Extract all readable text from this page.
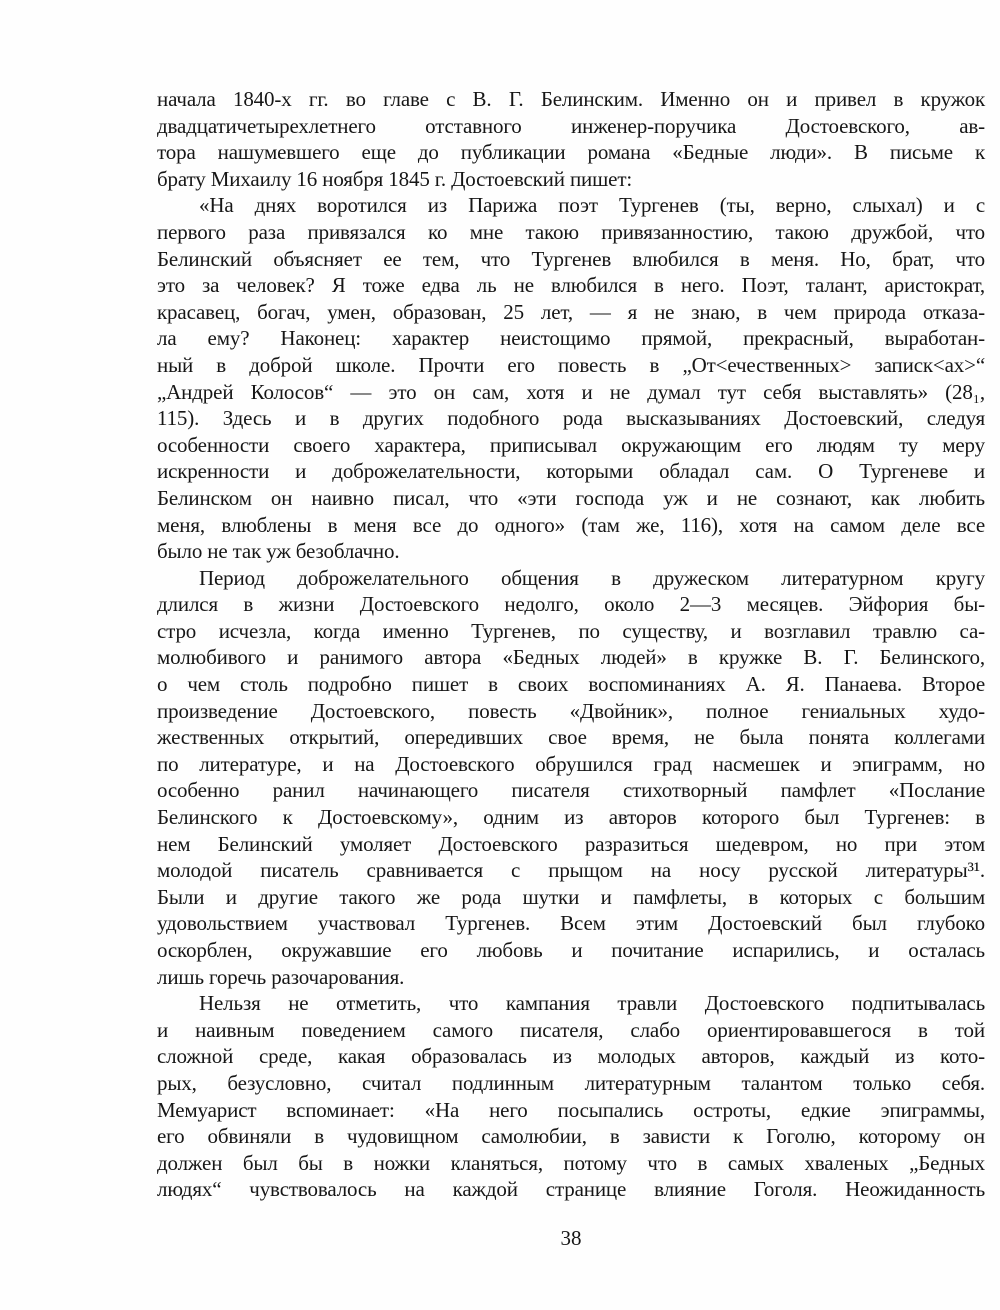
начала 1840-х гг. во главе с В. Г. Белинским. Именно он и привел в кружок
двадцатичетырехлетнего отставного инженер-поручика Достоевского, ав-
тора нашумевшего еще до публикации романа «Бедные люди». В письме к
брату Михаилу 16 ноября 1845 г. Достоевский пишет:
«На днях воротился из Парижа поэт Тургенев (ты, верно, слыхал) и с
первого раза привязался ко мне такою привязанностию, такою дружбой, что
Белинский объясняет ее тем, что Тургенев влюбился в меня. Но, брат, что
это за человек? Я тоже едва ль не влюбился в него. Поэт, талант, аристократ,
красавец, богач, умен, образован, 25 лет, — я не знаю, в чем природа отказа-
ла ему? Наконец: характер неистощимо прямой, прекрасный, выработан-
ный в доброй школе. Прочти его повесть в „От<ечественных> записк<ах>“
„Андрей Колосов“ — это он сам, хотя и не думал тут себя выставлять» (28₁,
115). Здесь и в других подобного рода высказываниях Достоевский, следуя
особенности своего характера, приписывал окружающим его людям ту меру
искренности и доброжелательности, которыми обладал сам. О Тургеневе и
Белинском он наивно писал, что «эти господа уж и не сознают, как любить
меня, влюблены в меня все до одного» (там же, 116), хотя на самом деле все
было не так уж безоблачно.
Период доброжелательного общения в дружеском литературном кругу
длился в жизни Достоевского недолго, около 2—3 месяцев. Эйфория бы-
стро исчезла, когда именно Тургенев, по существу, и возглавил травлю са-
молюбивого и ранимого автора «Бедных людей» в кружке В. Г. Белинского,
о чем столь подробно пишет в своих воспоминаниях А. Я. Панаева. Второе
произведение Достоевского, повесть «Двойник», полное гениальных худо-
жественных открытий, опередивших свое время, не была понята коллегами
по литературе, и на Достоевского обрушился град насмешек и эпиграмм, но
особенно ранил начинающего писателя стихотворный памфлет «Послание
Белинского к Достоевскому», одним из авторов которого был Тургенев: в
нем Белинский умоляет Достоевского разразиться шедевром, но при этом
молодой писатель сравнивается с прыщом на носу русской литературы³¹.
Были и другие такого же рода шутки и памфлеты, в которых с большим
удовольствием участвовал Тургенев. Всем этим Достоевский был глубоко
оскорблен, окружавшие его любовь и почитание испарились, и осталась
лишь горечь разочарования.
Нельзя не отметить, что кампания травли Достоевского подпитывалась
и наивным поведением самого писателя, слабо ориентировавшегося в той
сложной среде, какая образовалась из молодых авторов, каждый из кото-
рых, безусловно, считал подлинным литературным талантом только себя.
Мемуарист вспоминает: «На него посыпались остроты, едкие эпиграммы,
его обвиняли в чудовищном самолюбии, в зависти к Гоголю, которому он
должен был бы в ножки кланяться, потому что в самых хваленых „Бедных
людях“ чувствовалось на каждой странице влияние Гоголя. Неожиданность
38
